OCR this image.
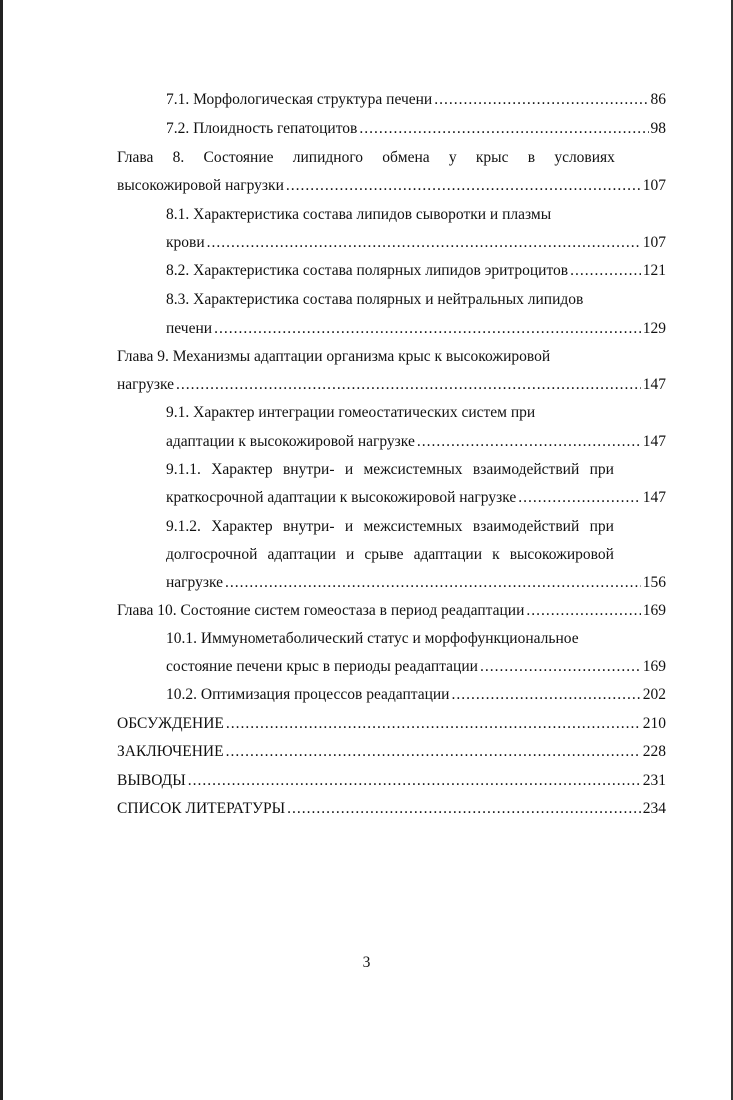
7.1. Морфологическая структура печени .....	86
7.2. Плоидность гепатоцитов .....	98
Глава 8. Состояние липидного обмена у крыс в условиях
высокожировой нагрузки .....	107
8.1. Характеристика состава липидов сыворотки и плазмы
крови .....	107
8.2. Характеристика состава полярных липидов эритроцитов .....	121
8.3. Характеристика состава полярных и нейтральных липидов
печени .....	129
Глава 9. Механизмы адаптации организма крыс к высокожировой
нагрузке .....	147
9.1. Характер интеграции гомеостатических систем при
адаптации к высокожировой нагрузке .....	147
9.1.1. Характер внутри- и межсистемных взаимодействий при
краткосрочной адаптации к высокожировой нагрузке .....	147
9.1.2. Характер внутри- и межсистемных взаимодействий при
долгосрочной адаптации и срыве адаптации к высокожировой
нагрузке .....	156
Глава 10. Состояние систем гомеостаза в период реадаптации .....	169
10.1. Иммунометаболический статус и морфофункциональное
состояние печени крыс в периоды реадаптации .....	169
10.2. Оптимизация процессов реадаптации .....	202
ОБСУЖДЕНИЕ .....	210
ЗАКЛЮЧЕНИЕ .....	228
ВЫВОДЫ .....	231
СПИСОК ЛИТЕРАТУРЫ .....	234
3
